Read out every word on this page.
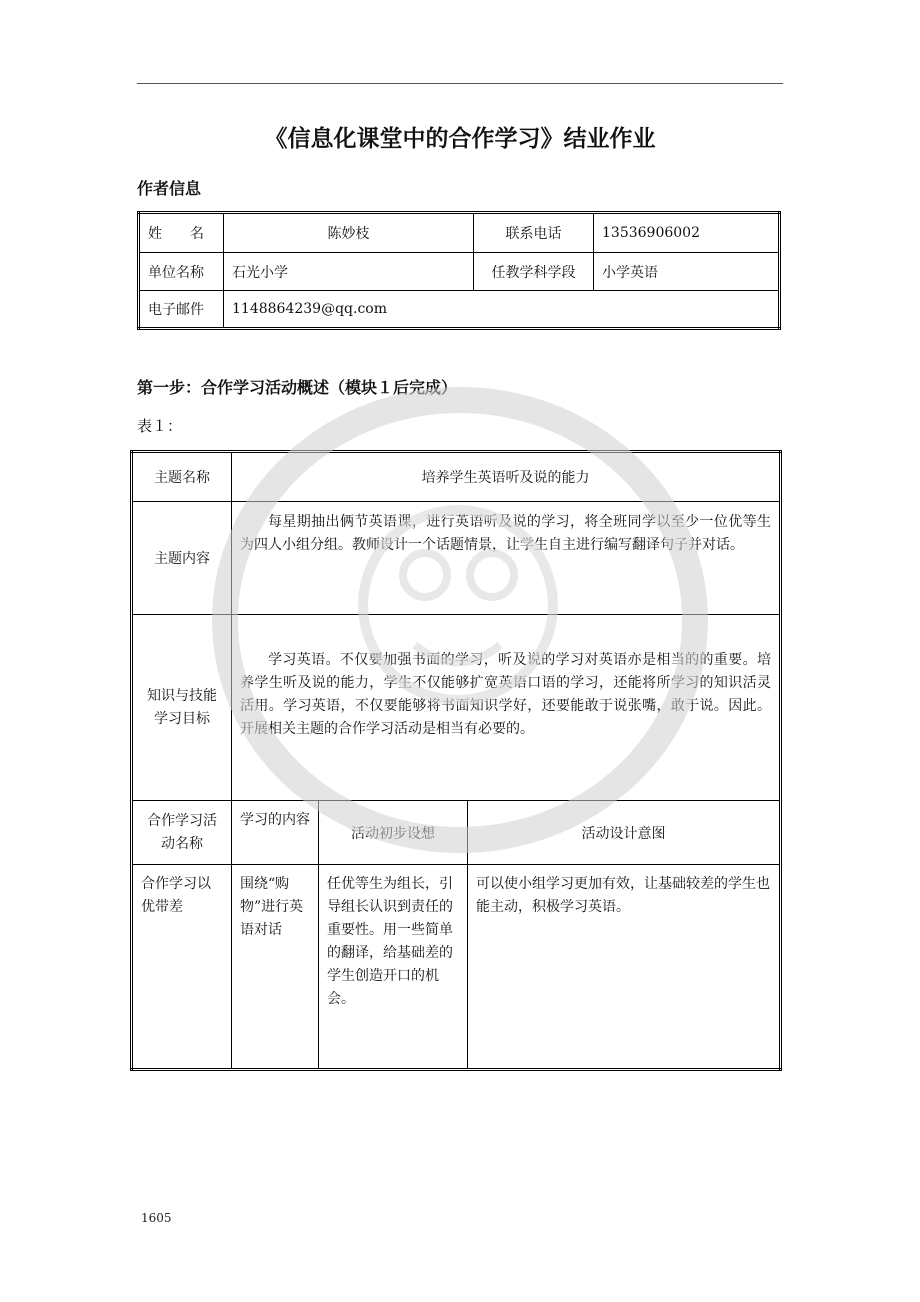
《信息化课堂中的合作学习》结业作业
作者信息
姓　　名	陈妙枝	联系电话	13536906002
单位名称	石光小学	任教学科学段	小学英语
电子邮件	1148864239@qq.com		
第一步：合作学习活动概述（模块１后完成）
表１：
主题名称	培养学生英语听及说的能力		
主题内容	每星期抽出俩节英语课，进行英语听及说的学习，将全班同学以至少一位优等生为四人小组分组。教师设计一个话题情景，让学生自主进行编写翻译句子并对话。		

知识与技能学习目标	学习英语。不仅要加强书面的学习，听及说的学习对英语亦是相当的的重要。培养学生听及说的能力，学生不仅能够扩宽英语口语的学习，还能将所学习的知识活灵活用。学习英语，不仅要能够将书面知识学好，还要能敢于说张嘴，敢于说。因此。开展相关主题的合作学习活动是相当有必要的。		

合作学习活动名称	学习的内容	活动初步设想	活动设计意图
合作学习以优带差	围绕“购物”进行英语对话	任优等生为组长，引导组长认识到责任的重要性。用一些简单的翻译，给基础差的学生创造开口的机会。	可以使小组学习更加有效，让基础较差的学生也能主动，积极学习英语。
1605
